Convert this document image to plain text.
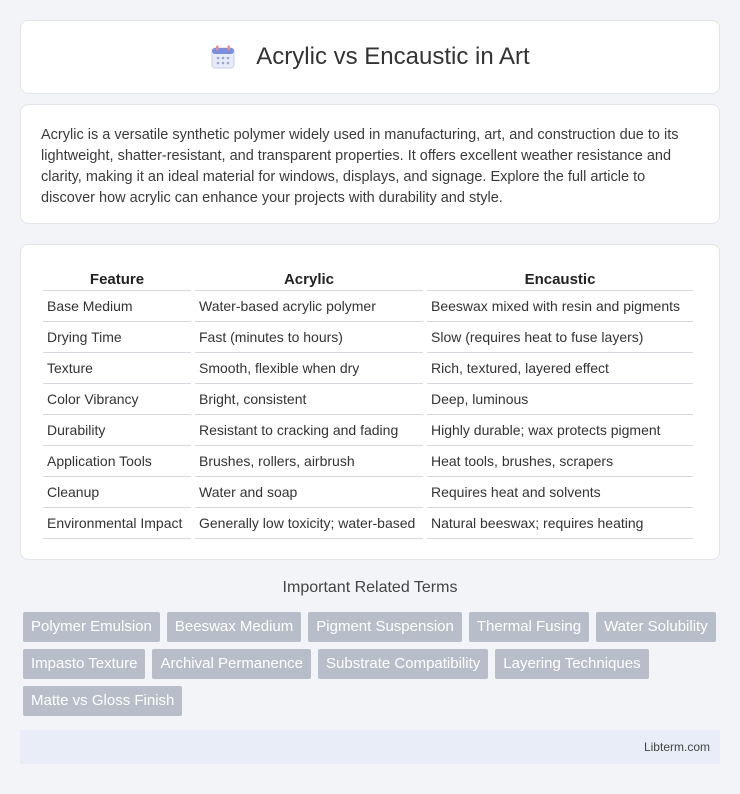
Acrylic vs Encaustic in Art

Acrylic is a versatile synthetic polymer widely used in manufacturing, art, and construction due to its lightweight, shatter-resistant, and transparent properties. It offers excellent weather resistance and clarity, making it an ideal material for windows, displays, and signage. Explore the full article to discover how acrylic can enhance your projects with durability and style.

Feature	Acrylic	Encaustic
Base Medium	Water-based acrylic polymer	Beeswax mixed with resin and pigments
Drying Time	Fast (minutes to hours)	Slow (requires heat to fuse layers)
Texture	Smooth, flexible when dry	Rich, textured, layered effect
Color Vibrancy	Bright, consistent	Deep, luminous
Durability	Resistant to cracking and fading	Highly durable; wax protects pigment
Application Tools	Brushes, rollers, airbrush	Heat tools, brushes, scrapers
Cleanup	Water and soap	Requires heat and solvents
Environmental Impact	Generally low toxicity; water-based	Natural beeswax; requires heating
Important Related Terms
Polymer Emulsion	Beeswax Medium	Pigment Suspension	Thermal Fusing	Water Solubility
Impasto Texture	Archival Permanence	Substrate Compatibility	Layering Techniques
Matte vs Gloss Finish
Libterm.com
